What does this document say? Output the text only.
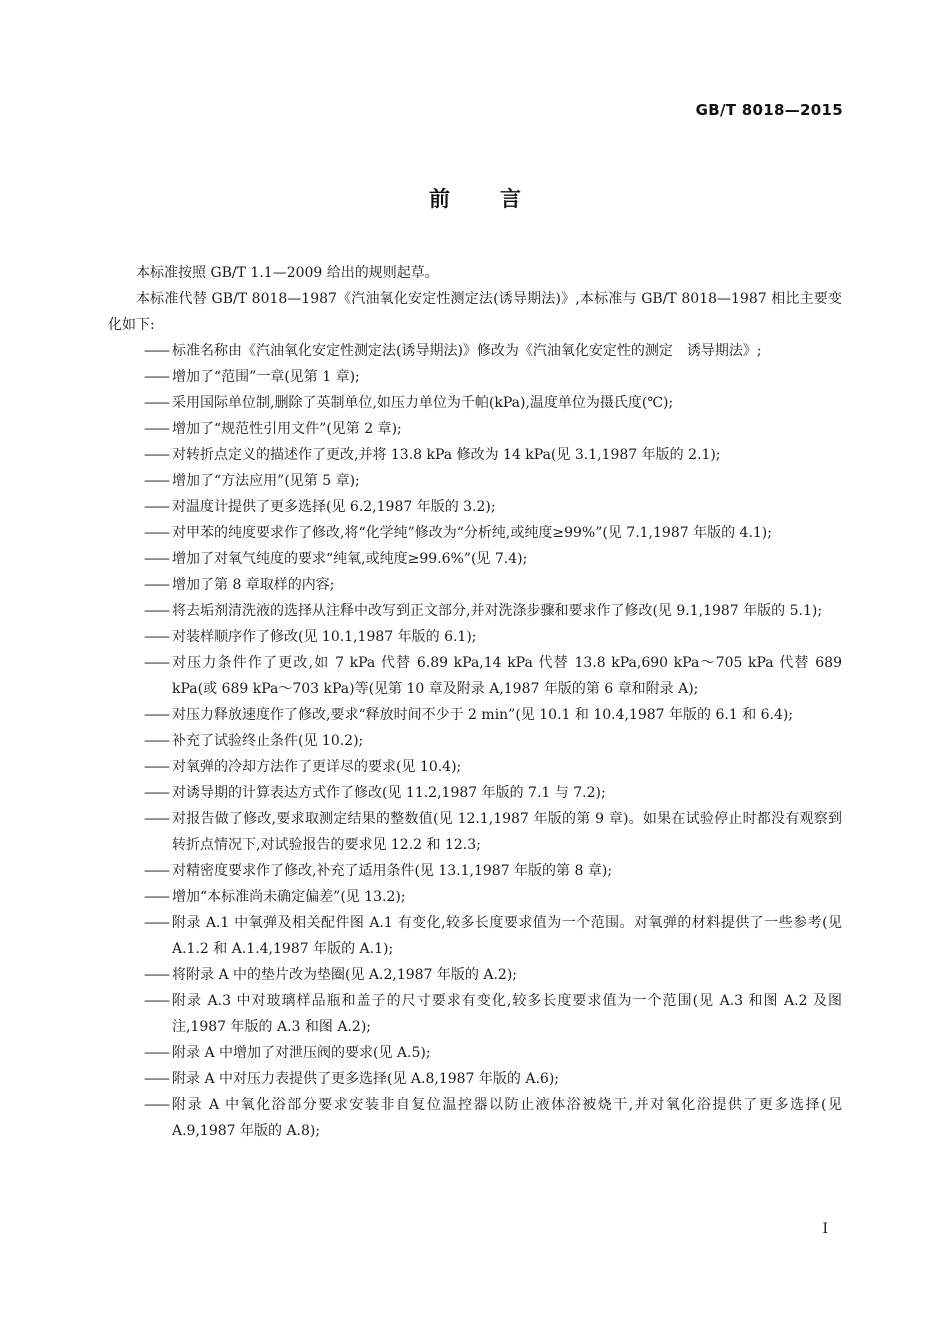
GB/T 8018—2015
前 言

本标准按照 GB/T 1.1—2009 给出的规则起草。

本标准代替 GB/T 8018—1987《汽油氧化安定性测定法(诱导期法)》,本标准与 GB/T 8018—1987 相比主要变化如下:

—— 标准名称由《汽油氧化安定性测定法(诱导期法)》修改为《汽油氧化安定性的测定　诱导期法》;

—— 增加了“范围”一章(见第 1 章);

—— 采用国际单位制,删除了英制单位,如压力单位为千帕(kPa),温度单位为摄氏度(℃);

—— 增加了“规范性引用文件”(见第 2 章);

—— 对转折点定义的描述作了更改,并将 13.8 kPa 修改为 14 kPa(见 3.1,1987 年版的 2.1);

—— 增加了“方法应用”(见第 5 章);

—— 对温度计提供了更多选择(见 6.2,1987 年版的 3.2);

—— 对甲苯的纯度要求作了修改,将“化学纯”修改为“分析纯,或纯度≥99%”(见 7.1,1987 年版的 4.1);

—— 增加了对氧气纯度的要求“纯氧,或纯度≥99.6%”(见 7.4);

—— 增加了第 8 章取样的内容;

—— 将去垢剂清洗液的选择从注释中改写到正文部分,并对洗涤步骤和要求作了修改(见 9.1,1987 年版的 5.1);

—— 对装样顺序作了修改(见 10.1,1987 年版的 6.1);

—— 对压力条件作了更改,如 7 kPa 代替 6.89 kPa,14 kPa 代替 13.8 kPa,690 kPa～705 kPa 代替 689 kPa(或 689 kPa～703 kPa)等(见第 10 章及附录 A,1987 年版的第 6 章和附录 A);

—— 对压力释放速度作了修改,要求“释放时间不少于 2 min”(见 10.1 和 10.4,1987 年版的 6.1 和 6.4);

—— 补充了试验终止条件(见 10.2);

—— 对氧弹的冷却方法作了更详尽的要求(见 10.4);

—— 对诱导期的计算表达方式作了修改(见 11.2,1987 年版的 7.1 与 7.2);

—— 对报告做了修改,要求取测定结果的整数值(见 12.1,1987 年版的第 9 章)。如果在试验停止时都没有观察到转折点情况下,对试验报告的要求见 12.2 和 12.3;

—— 对精密度要求作了修改,补充了适用条件(见 13.1,1987 年版的第 8 章);

—— 增加“本标准尚未确定偏差”(见 13.2);

—— 附录 A.1 中氧弹及相关配件图 A.1 有变化,较多长度要求值为一个范围。对氧弹的材料提供了一些参考(见 A.1.2 和 A.1.4,1987 年版的 A.1);

—— 将附录 A 中的垫片改为垫圈(见 A.2,1987 年版的 A.2);

—— 附录 A.3 中对玻璃样品瓶和盖子的尺寸要求有变化,较多长度要求值为一个范围(见 A.3 和图 A.2 及图注,1987 年版的 A.3 和图 A.2);

—— 附录 A 中增加了对泄压阀的要求(见 A.5);

—— 附录 A 中对压力表提供了更多选择(见 A.8,1987 年版的 A.6);

—— 附录 A 中氧化浴部分要求安装非自复位温控器以防止液体浴被烧干,并对氧化浴提供了更多选择(见 A.9,1987 年版的 A.8);

I
